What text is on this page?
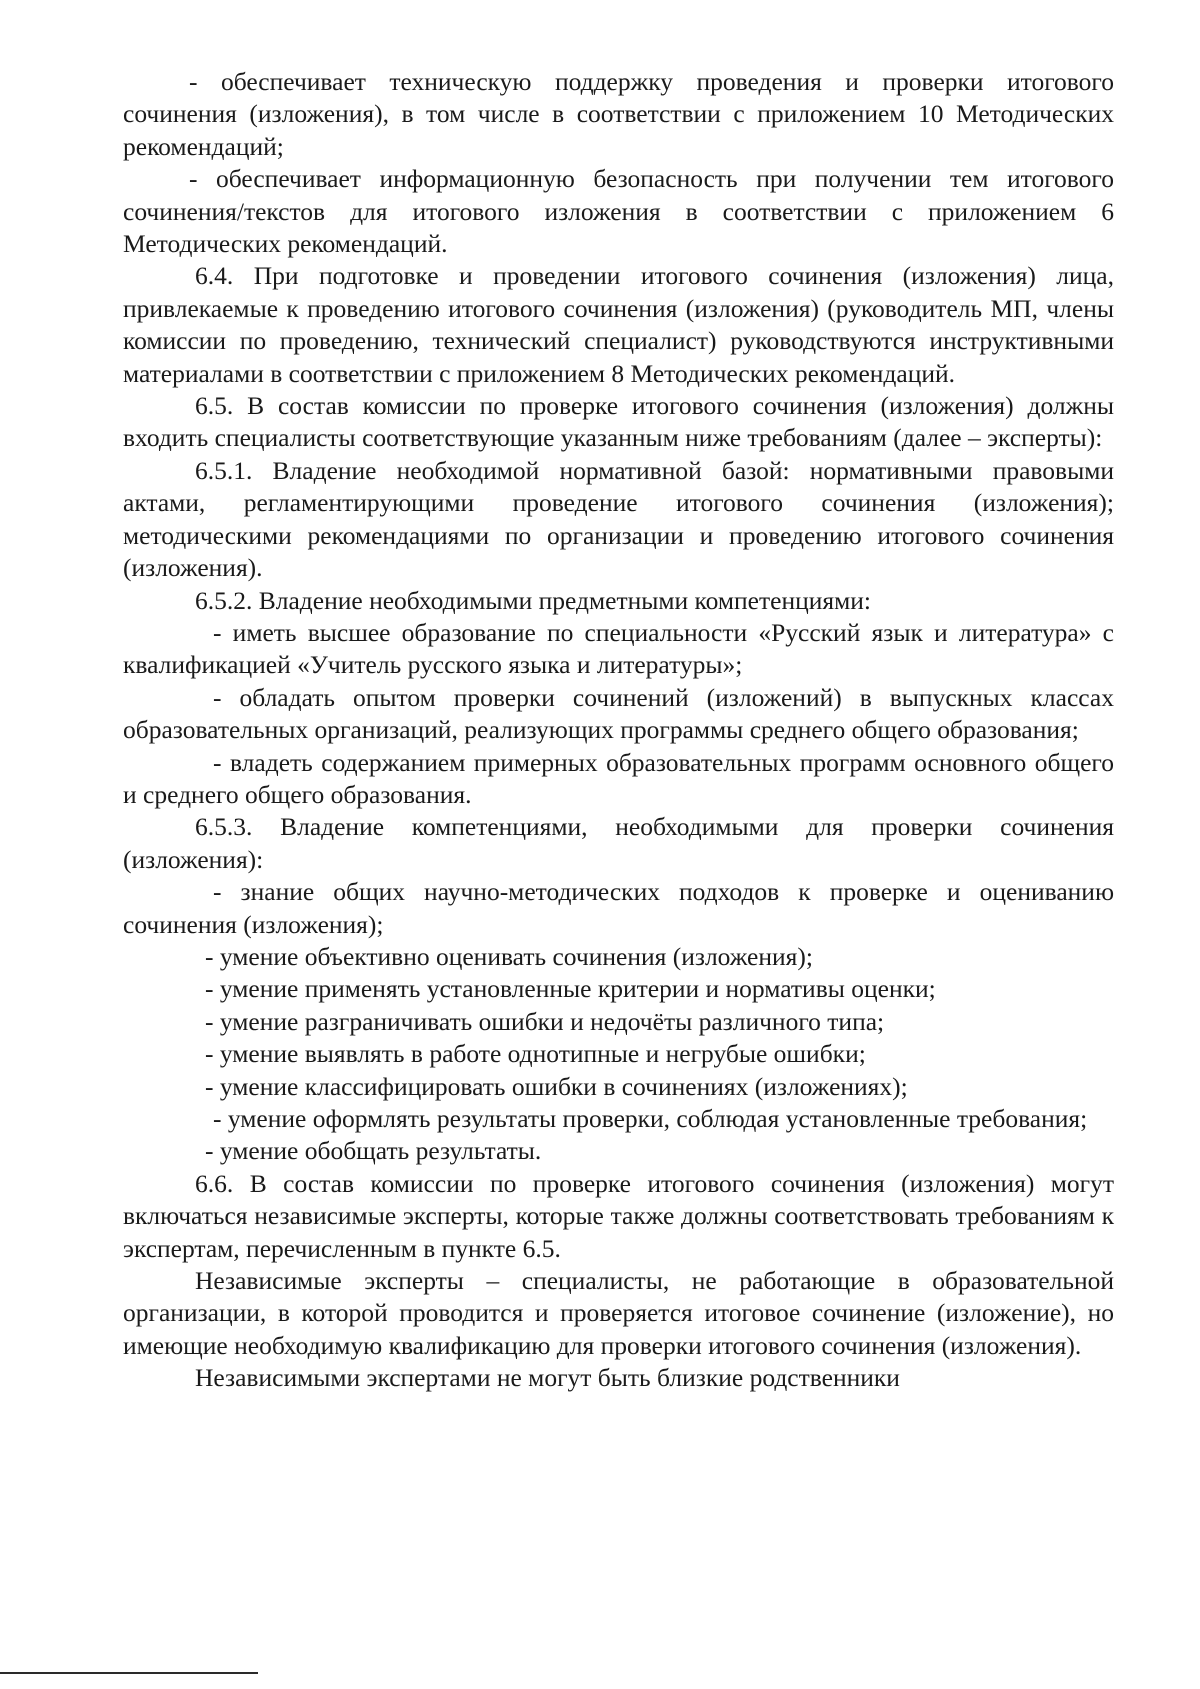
- обеспечивает техническую поддержку проведения и проверки итогового сочинения (изложения), в том числе в соответствии с приложением 10 Методических рекомендаций;

- обеспечивает информационную безопасность при получении тем итогового сочинения/текстов для итогового изложения в соответствии с приложением 6 Методических рекомендаций.

6.4. При подготовке и проведении итогового сочинения (изложения) лица, привлекаемые к проведению итогового сочинения (изложения) (руководитель МП, члены комиссии по проведению, технический специалист) руководствуются инструктивными материалами в соответствии с приложением 8 Методических рекомендаций.

6.5. В состав комиссии по проверке итогового сочинения (изложения) должны входить специалисты соответствующие указанным ниже требованиям (далее – эксперты):

6.5.1. Владение необходимой нормативной базой: нормативными правовыми актами, регламентирующими проведение итогового сочинения (изложения); методическими рекомендациями по организации и проведению итогового сочинения (изложения).

6.5.2. Владение необходимыми предметными компетенциями:

- иметь высшее образование по специальности «Русский язык и литература» с квалификацией «Учитель русского языка и литературы»;

- обладать опытом проверки сочинений (изложений) в выпускных классах образовательных организаций, реализующих программы среднего общего образования;

- владеть содержанием примерных образовательных программ основного общего и среднего общего образования.

6.5.3. Владение компетенциями, необходимыми для проверки сочинения (изложения):

- знание общих научно-методических подходов к проверке и оцениванию сочинения (изложения);

- умение объективно оценивать сочинения (изложения);

- умение применять установленные критерии и нормативы оценки;

- умение разграничивать ошибки и недочёты различного типа;

- умение выявлять в работе однотипные и негрубые ошибки;

- умение классифицировать ошибки в сочинениях (изложениях);

- умение оформлять результаты проверки, соблюдая установленные требования;

- умение обобщать результаты.

6.6. В состав комиссии по проверке итогового сочинения (изложения) могут включаться независимые эксперты, которые также должны соответствовать требованиям к экспертам, перечисленным в пункте 6.5.

Независимые эксперты – специалисты, не работающие в образовательной организации, в которой проводится и проверяется итоговое сочинение (изложение), но имеющие необходимую квалификацию для проверки итогового сочинения (изложения).

Независимыми экспертами не могут быть близкие родственники
